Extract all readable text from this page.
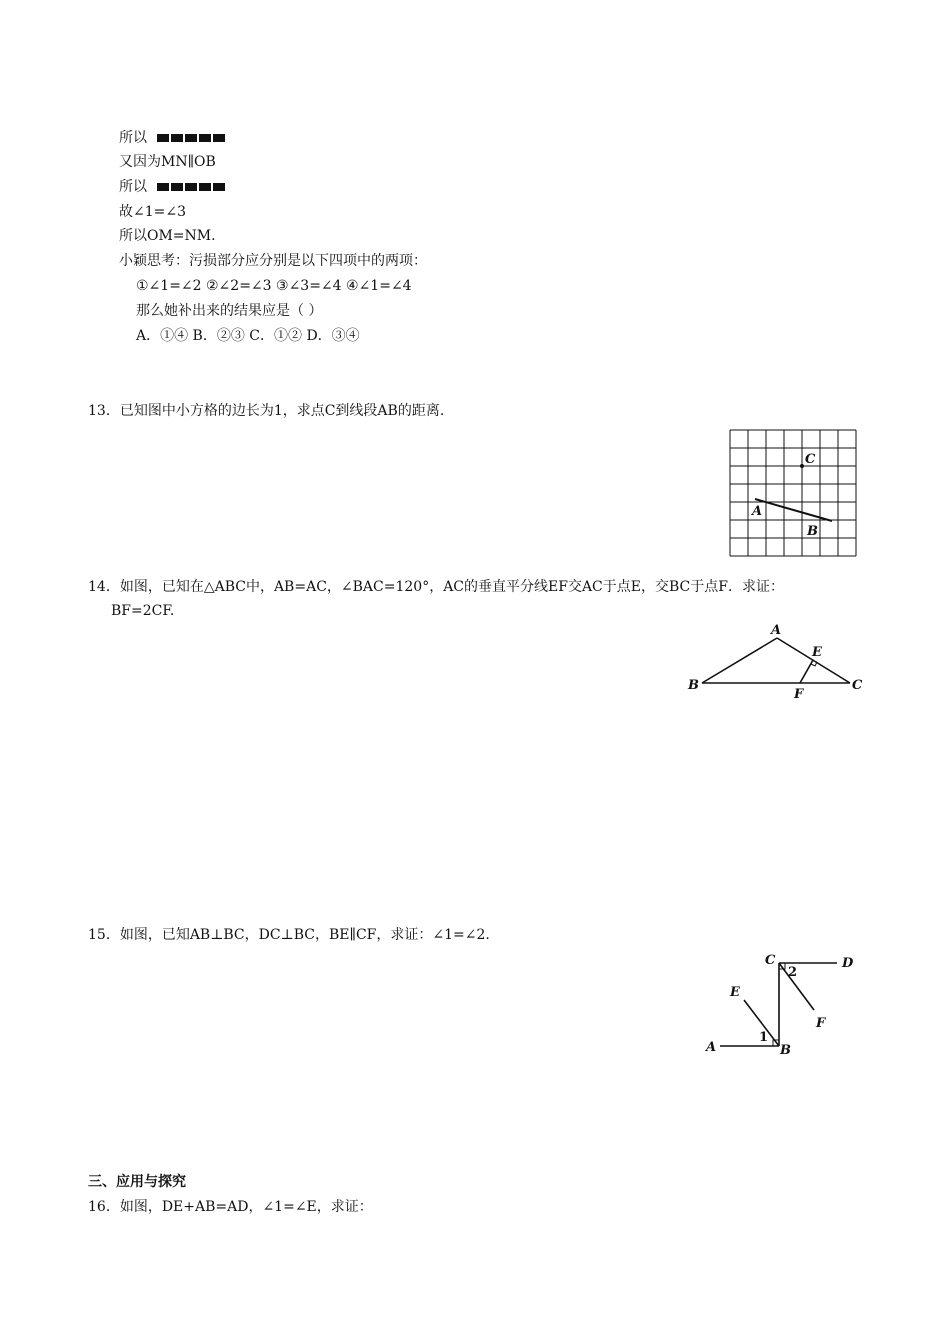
所以
又因为MN∥OB
所以
故∠1=∠3
所以OM=NM.
小颖思考：污损部分应分别是以下四项中的两项：
①∠1=∠2 ②∠2=∠3 ③∠3=∠4 ④∠1=∠4
那么她补出来的结果应是（ ）
A．①④ B．②③ C．①② D．③④
13．已知图中小方格的边长为1，求点C到线段AB的距离.
C
A
B
14．如图，已知在△ABC中，AB=AC，∠BAC=120°，AC的垂直平分线EF交AC于点E，交BC于点F．求证：
BF=2CF.
A
B	C
E
F
15．如图，已知AB⊥BC，DC⊥BC，BE∥CF，求证：∠1=∠2.
A	B
C	D
E
F
1
2
三、应用与探究
16．如图，DE+AB=AD，∠1=∠E，求证：
